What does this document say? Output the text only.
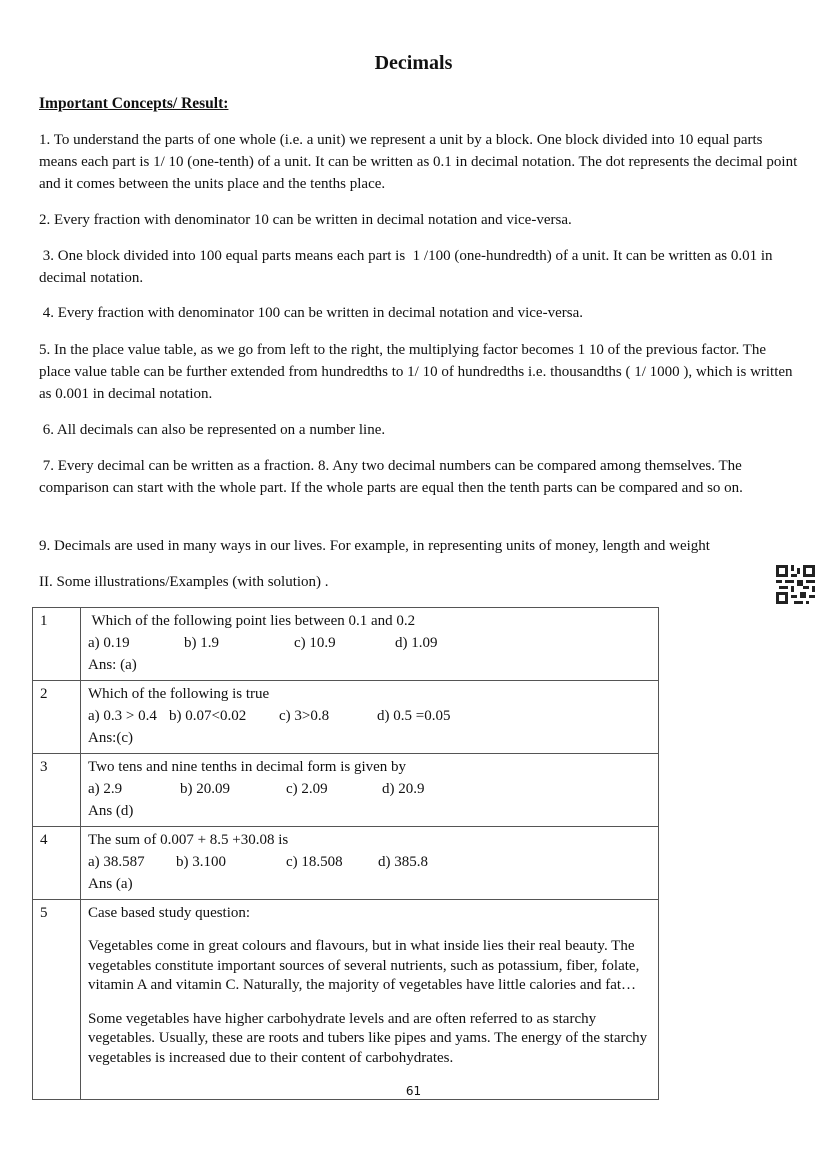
Decimals
Important Concepts/ Result:

1. To understand the parts of one whole (i.e. a unit) we represent a unit by a block. One block divided into 10 equal parts means each part is 1/ 10 (one-tenth) of a unit. It can be written as 0.1 in decimal notation. The dot represents the decimal point and it comes between the units place and the tenths place.

2. Every fraction with denominator 10 can be written in decimal notation and vice-versa.

3. One block divided into 100 equal parts means each part is  1 /100 (one-hundredth) of a unit. It can be written as 0.01 in decimal notation.

4. Every fraction with denominator 100 can be written in decimal notation and vice-versa.

5. In the place value table, as we go from left to the right, the multiplying factor becomes 1 10 of the previous factor. The place value table can be further extended from hundredths to 1/ 10 of hundredths i.e. thousandths ( 1/ 1000 ), which is written as 0.001 in decimal notation.

6. All decimals can also be represented on a number line.

7. Every decimal can be written as a fraction. 8. Any two decimal numbers can be compared among themselves. The comparison can start with the whole part. If the whole parts are equal then the tenth parts can be compared and so on.

9. Decimals are used in many ways in our lives. For example, in representing units of money, length and weight

II. Some illustrations/Examples (with solution) .

1	Which of the following point lies between 0.1 and 0.2
a) 0.19 b) 1.9 c) 10.9 d) 1.09
Ans: (a)

2	Which of the following is true
a) 0.3 > 0.4 b) 0.07<0.02 c) 3>0.8 d) 0.5 =0.05
Ans:(c)

3	Two tens and nine tenths in decimal form is given by
a) 2.9 b) 20.09 c) 2.09 d) 20.9
Ans (d)

4	The sum of 0.007 + 8.5 +30.08 is
a) 38.587 b) 3.100 c) 18.508 d) 385.8
Ans (a)

5	Case based study question:

Vegetables come in great colours and flavours, but in what inside lies their real beauty. The vegetables constitute important sources of several nutrients, such as potassium, fiber, folate, vitamin A and vitamin C. Naturally, the majority of vegetables have little calories and fat…

Some vegetables have higher carbohydrate levels and are often referred to as starchy vegetables. Usually, these are roots and tubers like pipes and yams. The energy of the starchy vegetables is increased due to their content of carbohydrates.

61
